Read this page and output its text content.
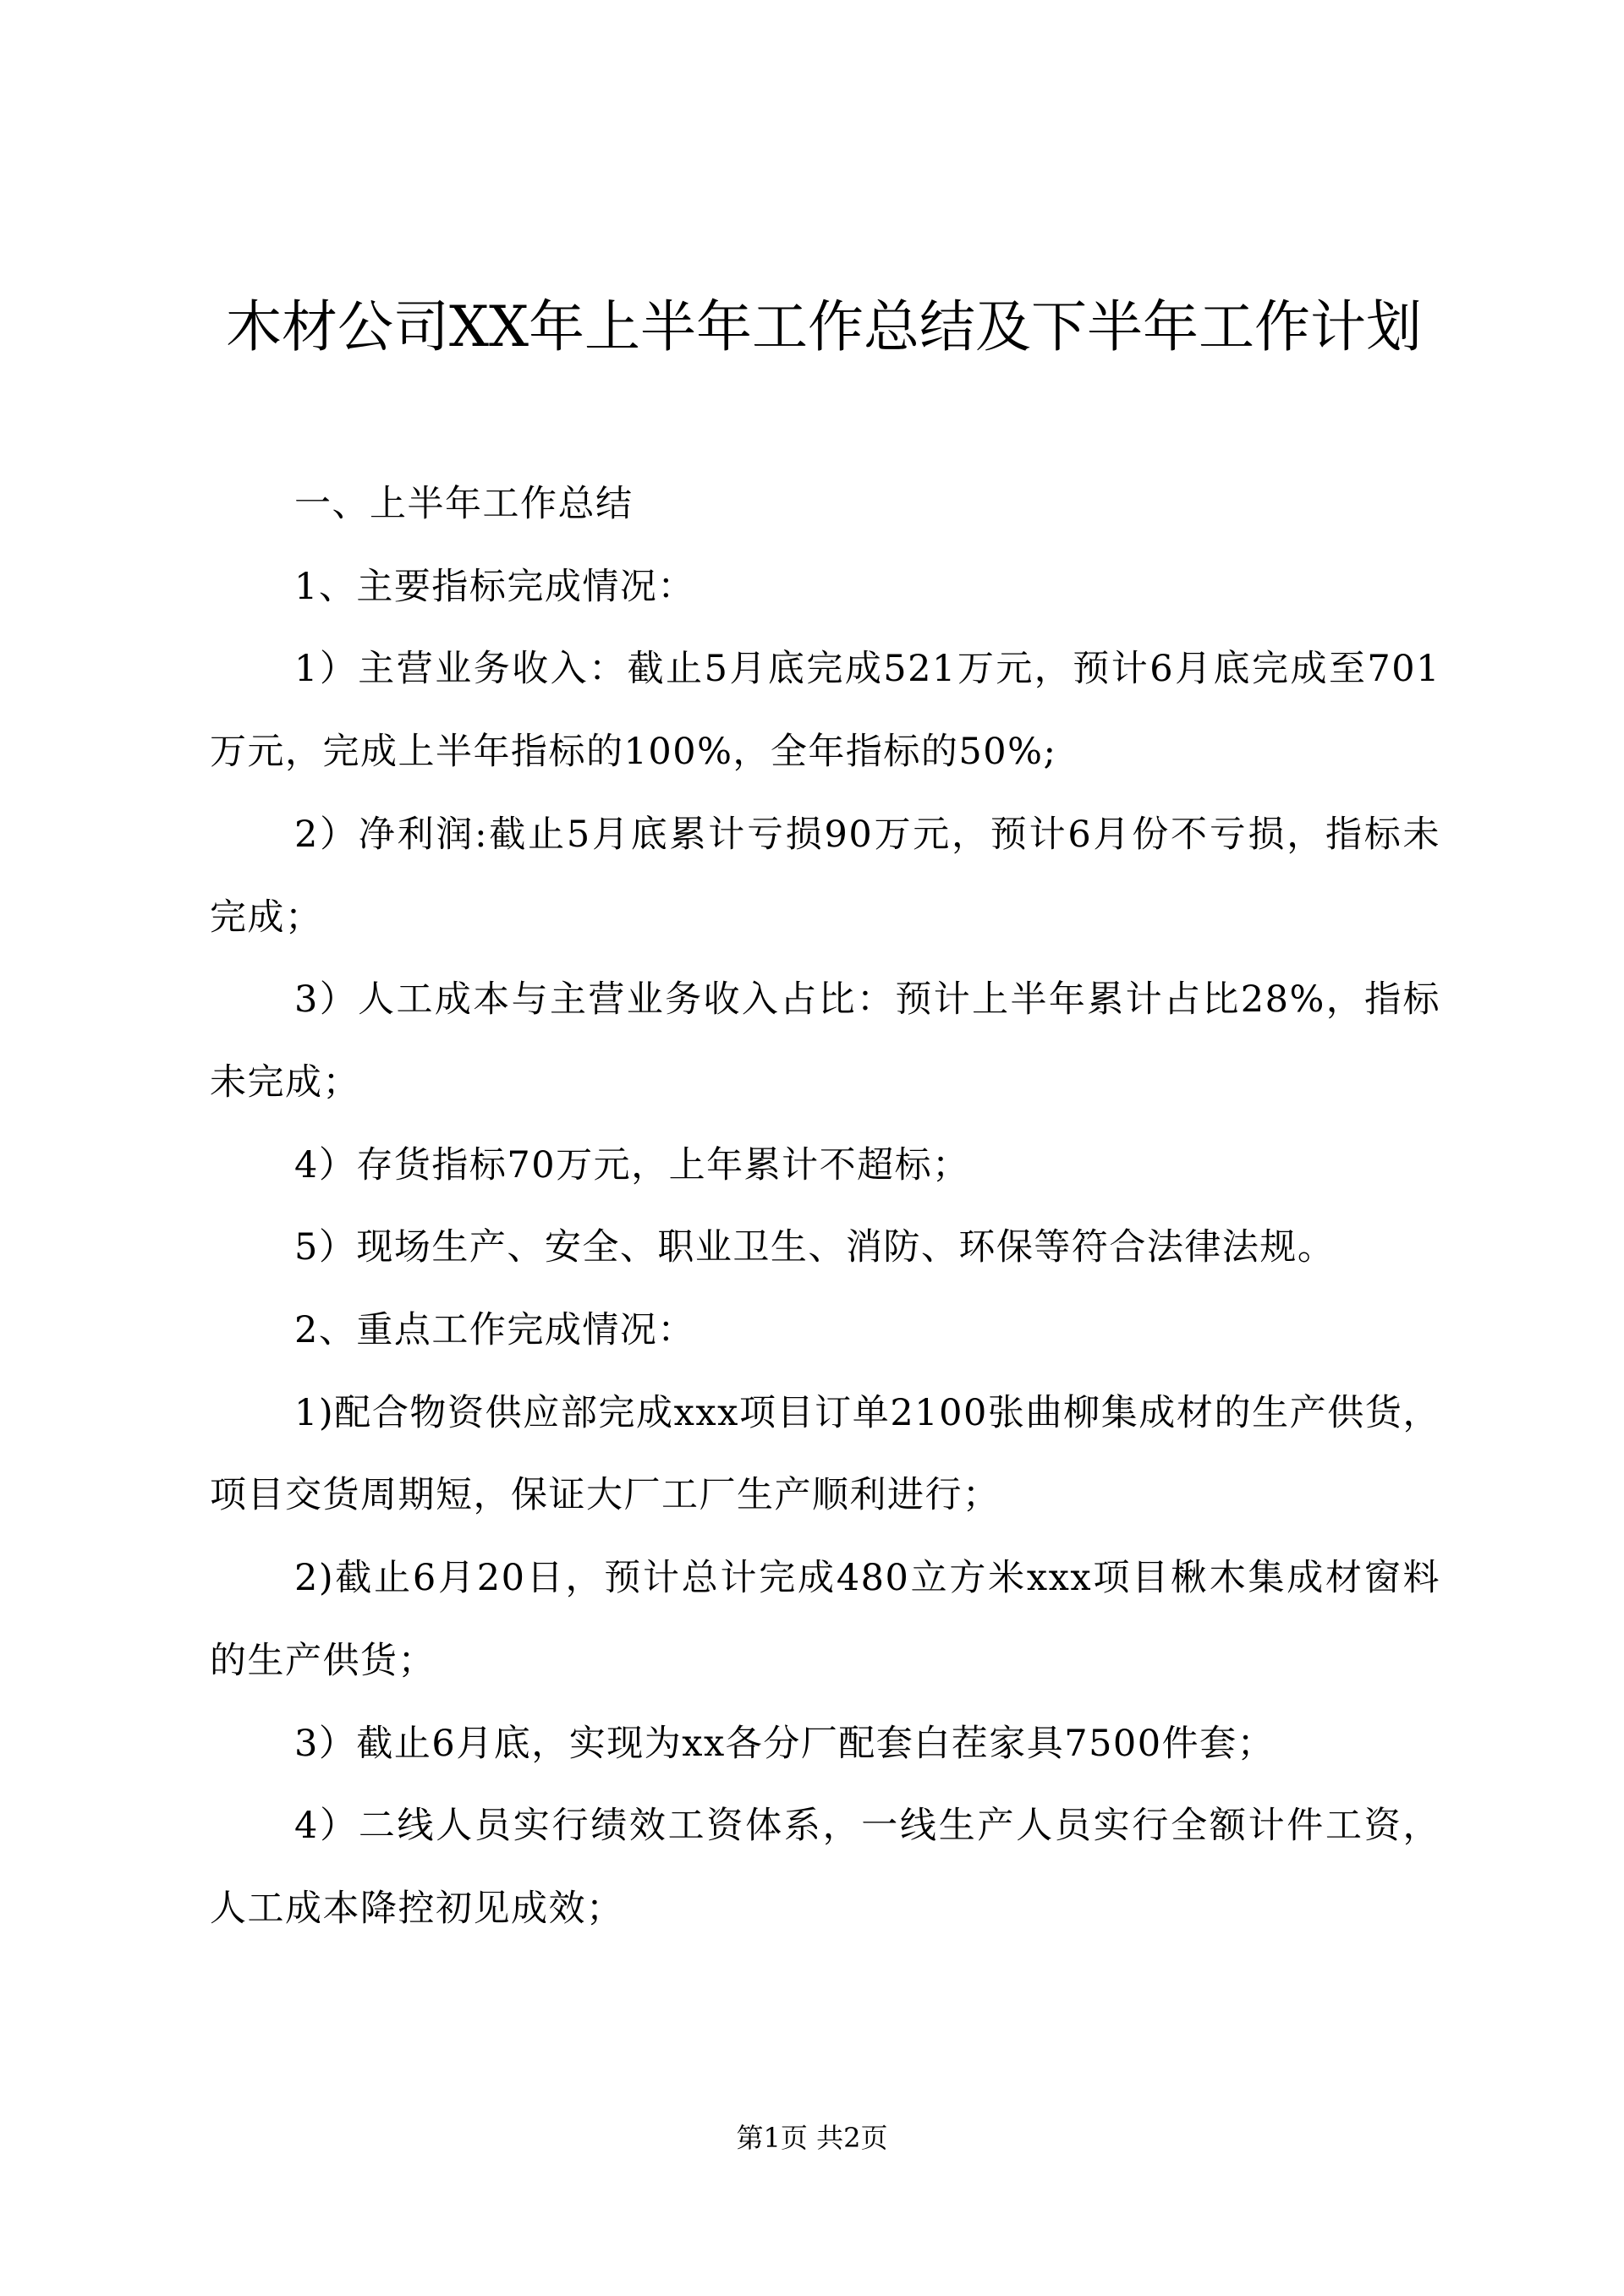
木材公司XX年上半年工作总结及下半年工作计划

一、上半年工作总结

1、主要指标完成情况：

1）主营业务收入：截止5月底完成521万元，预计6月底完成至701万元，完成上半年指标的100%，全年指标的50%;

2）净利润:截止5月底累计亏损90万元，预计6月份不亏损，指标未完成；

3）人工成本与主营业务收入占比：预计上半年累计占比28%，指标未完成；

4）存货指标70万元，上年累计不超标；

5）现场生产、安全、职业卫生、消防、环保等符合法律法规。

2、重点工作完成情况：

1)配合物资供应部完成xxx项目订单2100张曲柳集成材的生产供货，项目交货周期短，保证大厂工厂生产顺利进行；

2)截止6月20日，预计总计完成480立方米xxx项目楸木集成材窗料的生产供货；

3）截止6月底，实现为xx各分厂配套白茬家具7500件套；

4）二线人员实行绩效工资体系，一线生产人员实行全额计件工资，人工成本降控初见成效；

第1页 共2页
